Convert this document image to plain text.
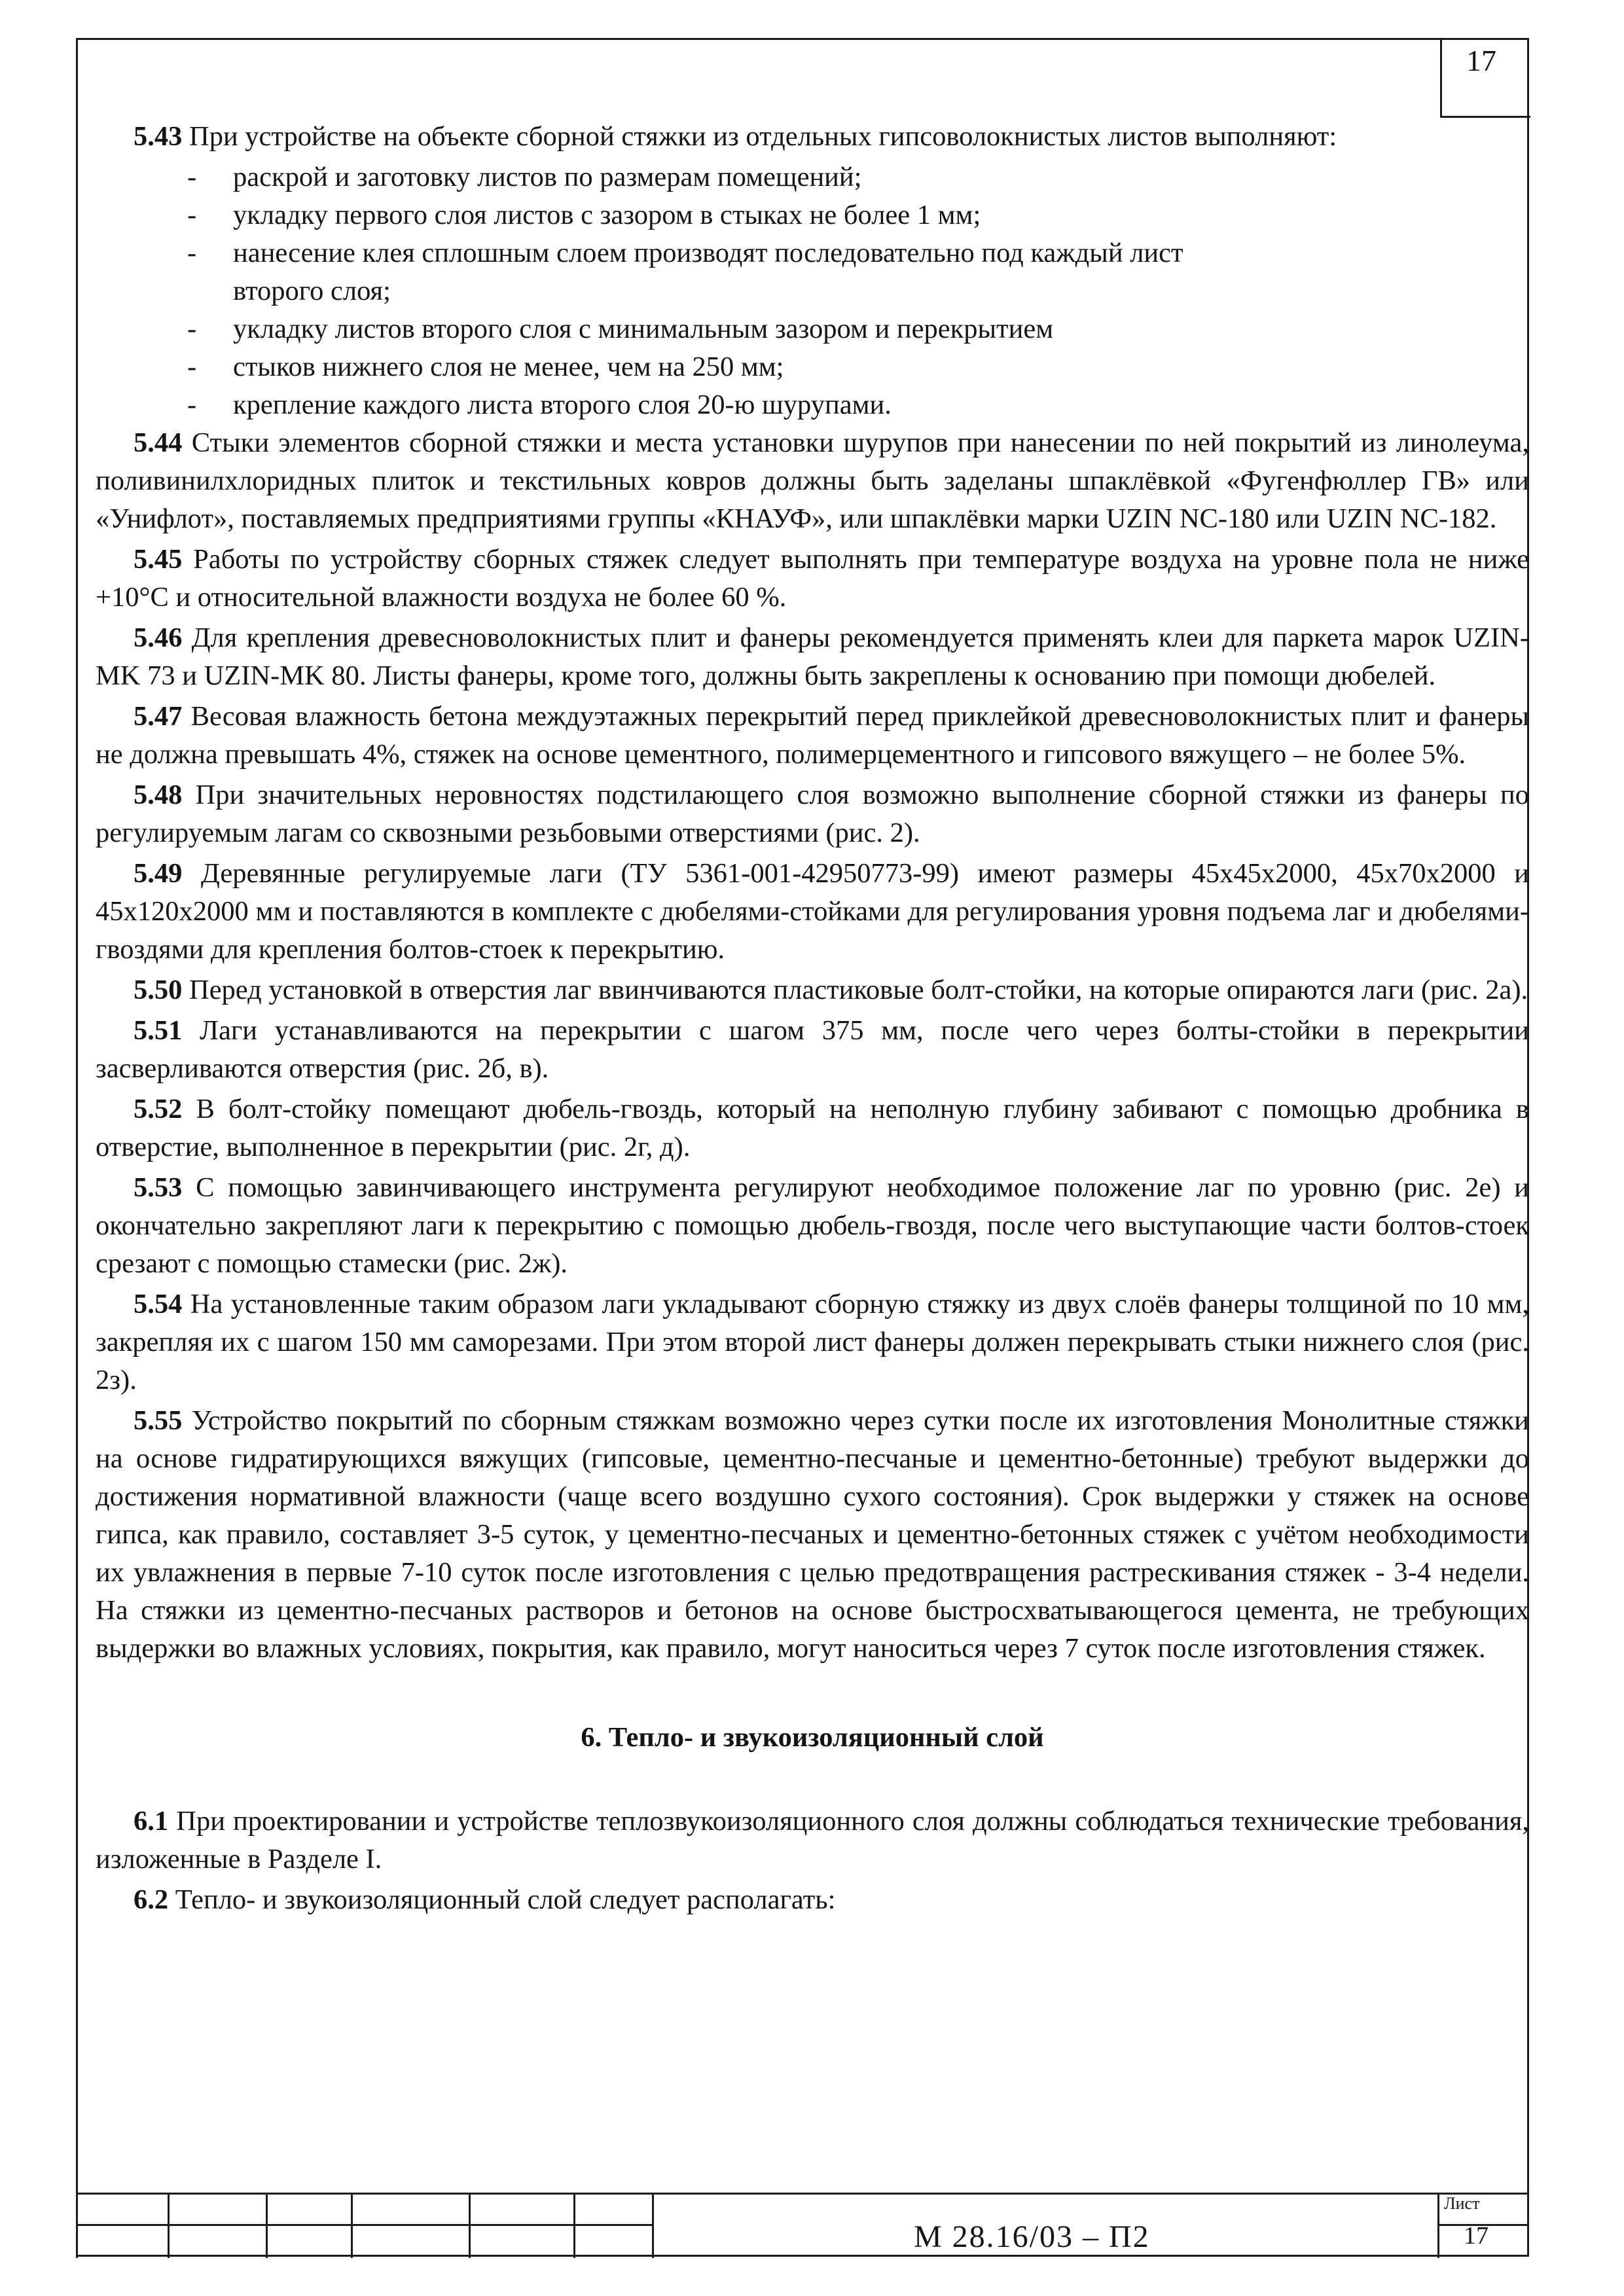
17

5.43 При устройстве на объекте сборной стяжки из отдельных гипсоволокнистых листов выполняют:

- раскрой и заготовку листов по размерам помещений;
- укладку первого слоя листов с зазором в стыках не более 1 мм;
- нанесение клея сплошным слоем производят последовательно под каждый лист второго слоя;
- укладку листов второго слоя с минимальным зазором и перекрытием
- стыков нижнего слоя не менее, чем на 250 мм;
- крепление каждого листа второго слоя 20-ю шурупами.

5.44 Стыки элементов сборной стяжки и места установки шурупов при нанесении по ней покрытий из линолеума, поливинилхлоридных плиток и текстильных ковров должны быть заделаны шпаклёвкой «Фугенфюллер ГВ» или «Унифлот», поставляемых предприятиями группы «КНАУФ», или шпаклёвки марки UZIN NC-180 или UZIN NC-182.

5.45 Работы по устройству сборных стяжек следует выполнять при температуре воздуха на уровне пола не ниже +10°С и относительной влажности воздуха не более 60 %.

5.46 Для крепления древесноволокнистых плит и фанеры рекомендуется применять клеи для паркета марок UZIN-MK 73 и UZIN-MK 80. Листы фанеры, кроме того, должны быть закреплены к основанию при помощи дюбелей.

5.47 Весовая влажность бетона междуэтажных перекрытий перед приклейкой древесноволокнистых плит и фанеры не должна превышать 4%, стяжек на основе цементного, полимерцементного и гипсового вяжущего – не более 5%.

5.48 При значительных неровностях подстилающего слоя возможно выполнение сборной стяжки из фанеры по регулируемым лагам со сквозными резьбовыми отверстиями (рис. 2).

5.49 Деревянные регулируемые лаги (ТУ 5361-001-42950773-99) имеют размеры 45х45х2000, 45х70х2000 и 45х120х2000 мм и поставляются в комплекте с дюбелями-стойками для регулирования уровня подъема лаг и дюбелями-гвоздями для крепления болтов-стоек к перекрытию.

5.50 Перед установкой в отверстия лаг ввинчиваются пластиковые болт-стойки, на которые опираются лаги (рис. 2а).

5.51 Лаги устанавливаются на перекрытии с шагом 375 мм, после чего через болты-стойки в перекрытии засверливаются отверстия (рис. 2б, в).

5.52 В болт-стойку помещают дюбель-гвоздь, который на неполную глубину забивают с помощью дробника в отверстие, выполненное в перекрытии (рис. 2г, д).

5.53 С помощью завинчивающего инструмента регулируют необходимое положение лаг по уровню (рис. 2е) и окончательно закрепляют лаги к перекрытию с помощью дюбель-гвоздя, после чего выступающие части болтов-стоек срезают с помощью стамески (рис. 2ж).

5.54 На установленные таким образом лаги укладывают сборную стяжку из двух слоёв фанеры толщиной по 10 мм, закрепляя их с шагом 150 мм саморезами. При этом второй лист фанеры должен перекрывать стыки нижнего слоя (рис. 2з).

5.55 Устройство покрытий по сборным стяжкам возможно через сутки после их изготовления Монолитные стяжки на основе гидратирующихся вяжущих (гипсовые, цементно-песчаные и цементно-бетонные) требуют выдержки до достижения нормативной влажности (чаще всего воздушно сухого состояния). Срок выдержки у стяжек на основе гипса, как правило, составляет 3-5 суток, у цементно-песчаных и цементно-бетонных стяжек с учётом необходимости их увлажнения в первые 7-10 суток после изготовления с целью предотвращения растрескивания стяжек - 3-4 недели. На стяжки из цементно-песчаных растворов и бетонов на основе быстросхватывающегося цемента, не требующих выдержки во влажных условиях, покрытия, как правило, могут наноситься через 7 суток после изготовления стяжек.

6. Тепло- и звукоизоляционный слой

6.1 При проектировании и устройстве теплозвукоизоляционного слоя должны соблюдаться технические требования, изложенные в Разделе I.

6.2 Тепло- и звукоизоляционный слой следует располагать:

Лист
М 28.16/03 – П2	17
